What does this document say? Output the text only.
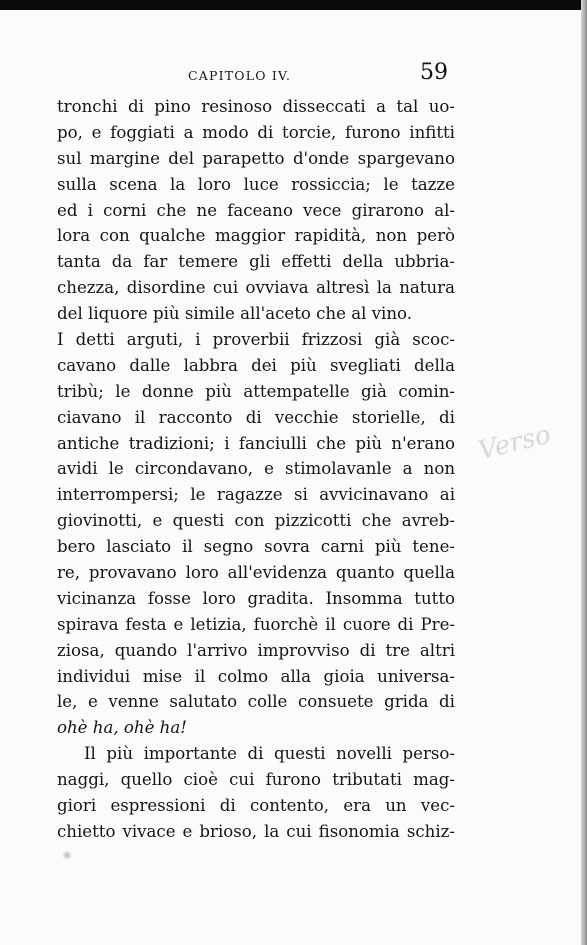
CAPITOLO IV.	59
tronchi di pino resinoso disseccati a tal uo-
po, e foggiati a modo di torcie, furono infitti
sul margine del parapetto d'onde spargevano
sulla scena la loro luce rossiccia; le tazze
ed i corni che ne faceano vece girarono al-
lora con qualche maggior rapidità, non però
tanta da far temere gli effetti della ubbria-
chezza, disordine cui ovviava altresì la natura
del liquore più simile all'aceto che al vino.
I detti arguti, i proverbii frizzosi già scoc-
cavano dalle labbra dei più svegliati della
tribù; le donne più attempatelle già comin-
ciavano il racconto di vecchie storielle, di
antiche tradizioni; i fanciulli che più n'erano
avidi le circondavano, e stimolavanle a non
interrompersi; le ragazze si avvicinavano ai
giovinotti, e questi con pizzicotti che avreb-
bero lasciato il segno sovra carni più tene-
re, provavano loro all'evidenza quanto quella
vicinanza fosse loro gradita. Insomma tutto
spirava festa e letizia, fuorchè il cuore di Pre-
ziosa, quando l'arrivo improvviso di tre altri
individui mise il colmo alla gioia universa-
le, e venne salutato colle consuete grida di
ohè ha, ohè ha!
Il più importante di questi novelli perso-
naggi, quello cioè cui furono tributati mag-
giori espressioni di contento, era un vec-
chietto vivace e brioso, la cui fisonomia schiz-
Verso
